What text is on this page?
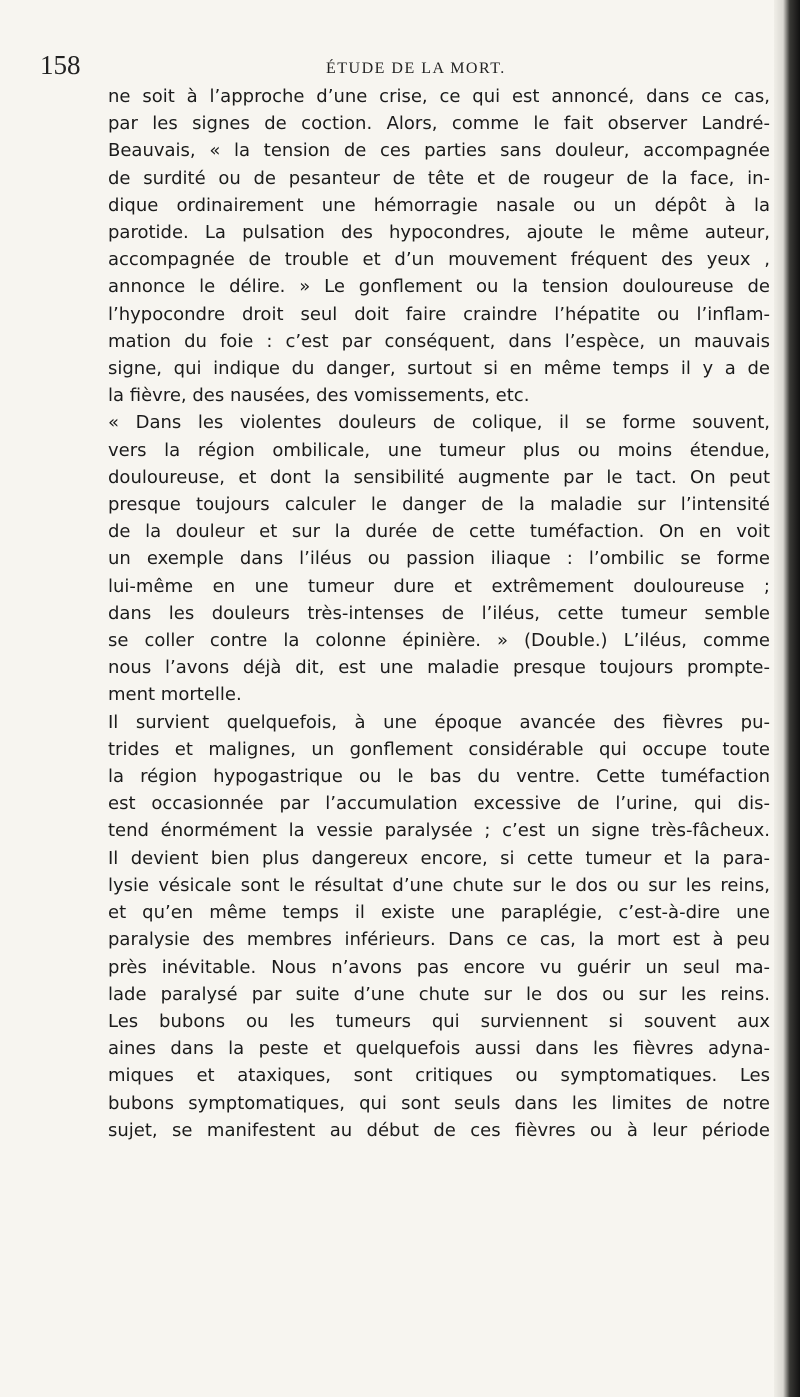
158	ÉTUDE DE LA MORT.
ne soit à l’approche d’une crise, ce qui est annoncé, dans ce cas,
par les signes de coction. Alors, comme le fait observer Landré-
Beauvais, « la tension de ces parties sans douleur, accompagnée
de surdité ou de pesanteur de tête et de rougeur de la face, in-
dique ordinairement une hémorragie nasale ou un dépôt à la
parotide. La pulsation des hypocondres, ajoute le même auteur,
accompagnée de trouble et d’un mouvement fréquent des yeux ,
annonce le délire. » Le gonflement ou la tension douloureuse de
l’hypocondre droit seul doit faire craindre l’hépatite ou l’inflam-
mation du foie : c’est par conséquent, dans l’espèce, un mauvais
signe, qui indique du danger, surtout si en même temps il y a de
la fièvre, des nausées, des vomissements, etc.
« Dans les violentes douleurs de colique, il se forme souvent,
vers la région ombilicale, une tumeur plus ou moins étendue,
douloureuse, et dont la sensibilité augmente par le tact. On peut
presque toujours calculer le danger de la maladie sur l’intensité
de la douleur et sur la durée de cette tuméfaction. On en voit
un exemple dans l’iléus ou passion iliaque : l’ombilic se forme
lui-même en une tumeur dure et extrêmement douloureuse ;
dans les douleurs très-intenses de l’iléus, cette tumeur semble
se coller contre la colonne épinière. » (Double.) L’iléus, comme
nous l’avons déjà dit, est une maladie presque toujours prompte-
ment mortelle.
Il survient quelquefois, à une époque avancée des fièvres pu-
trides et malignes, un gonflement considérable qui occupe toute
la région hypogastrique ou le bas du ventre. Cette tuméfaction
est occasionnée par l’accumulation excessive de l’urine, qui dis-
tend énormément la vessie paralysée ; c’est un signe très-fâcheux.
Il devient bien plus dangereux encore, si cette tumeur et la para-
lysie vésicale sont le résultat d’une chute sur le dos ou sur les reins,
et qu’en même temps il existe une paraplégie, c’est-à-dire une
paralysie des membres inférieurs. Dans ce cas, la mort est à peu
près inévitable. Nous n’avons pas encore vu guérir un seul ma-
lade paralysé par suite d’une chute sur le dos ou sur les reins.
Les bubons ou les tumeurs qui surviennent si souvent aux
aines dans la peste et quelquefois aussi dans les fièvres adyna-
miques et ataxiques, sont critiques ou symptomatiques. Les
bubons symptomatiques, qui sont seuls dans les limites de notre
sujet, se manifestent au début de ces fièvres ou à leur période
